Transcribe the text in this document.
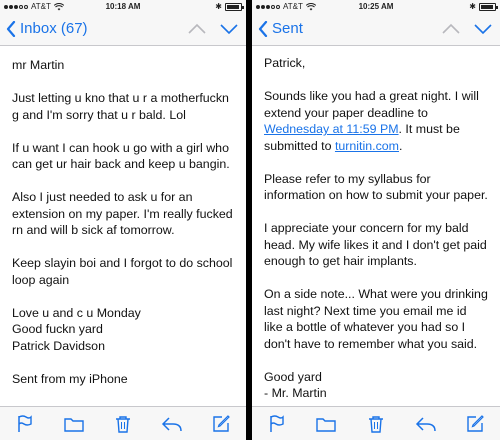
AT&T	10:18 AM	✱
Inbox (67)

mr Martin

Just letting u kno that u r a motherfuckn g and I'm sorry that u r bald. Lol

If u want I can hook u go with a girl who can get ur hair back and keep u bangin.

Also I just needed to ask u for an extension on my paper. I'm really fucked rn and will b sick af tomorrow.

Keep slayin boi and I forgot to do school loop again

Love u and c u Monday
Good fuckn yard
Patrick Davidson

Sent from my iPhone

AT&T	10:25 AM	✱
Sent

Patrick,

Sounds like you had a great night. I will extend your paper deadline to Wednesday at 11:59 PM. It must be submitted to turnitin.com.

Please refer to my syllabus for information on how to submit your paper.

I appreciate your concern for my bald head. My wife likes it and I don't get paid enough to get hair implants.

On a side note... What were you drinking last night? Next time you email me id like a bottle of whatever you had so I don't have to remember what you said.

Good yard
- Mr. Martin
